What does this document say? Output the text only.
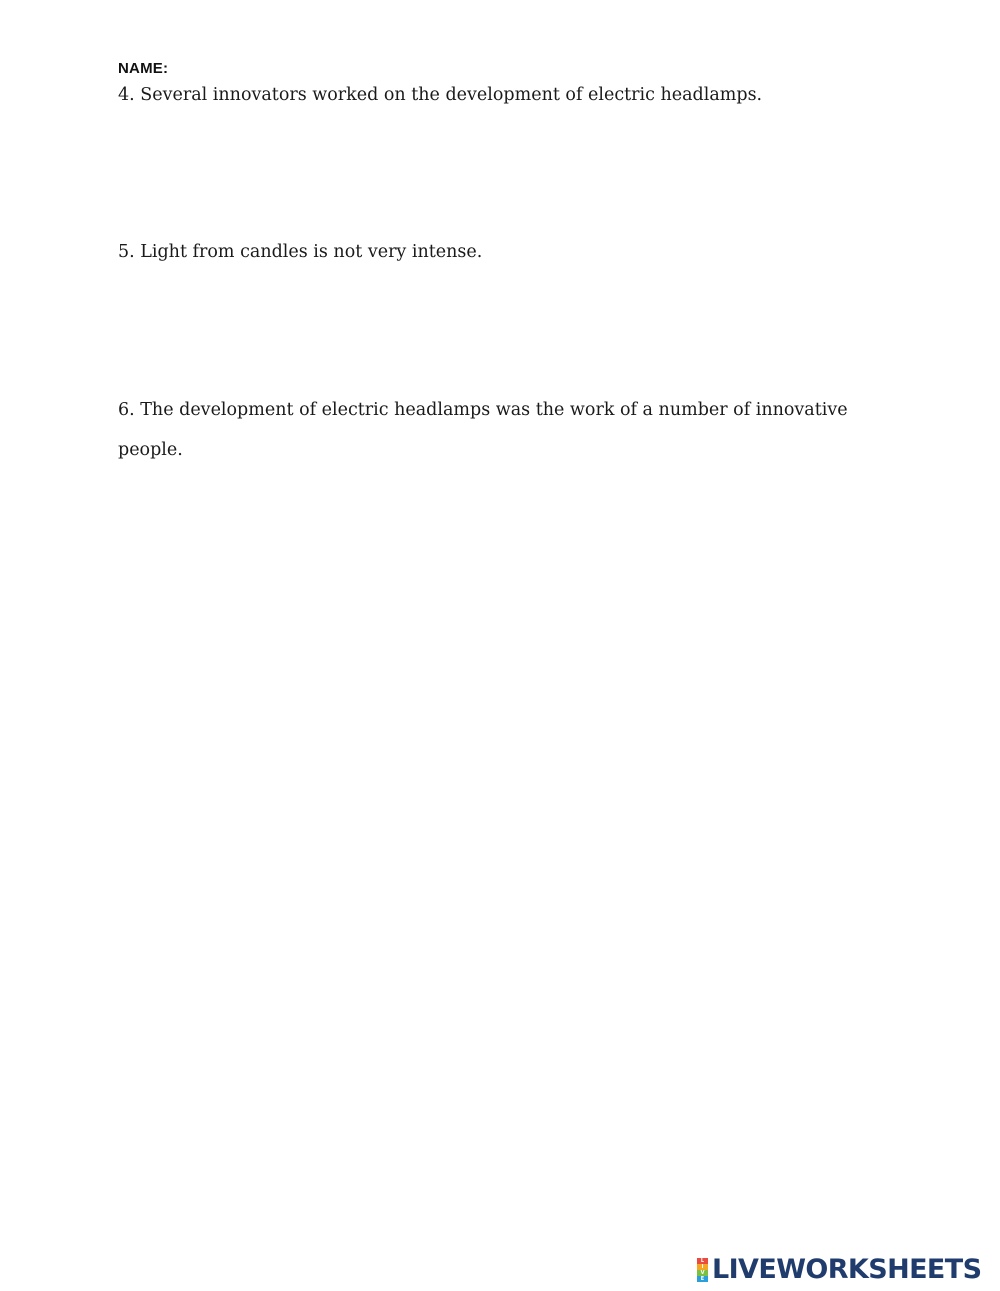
NAME:
4. Several innovators worked on the development of electric headlamps.
5. Light from candles is not very intense.
6. The development of electric headlamps was the work of a number of innovative
people.
L
I
V
E LIVEWORKSHEETS
